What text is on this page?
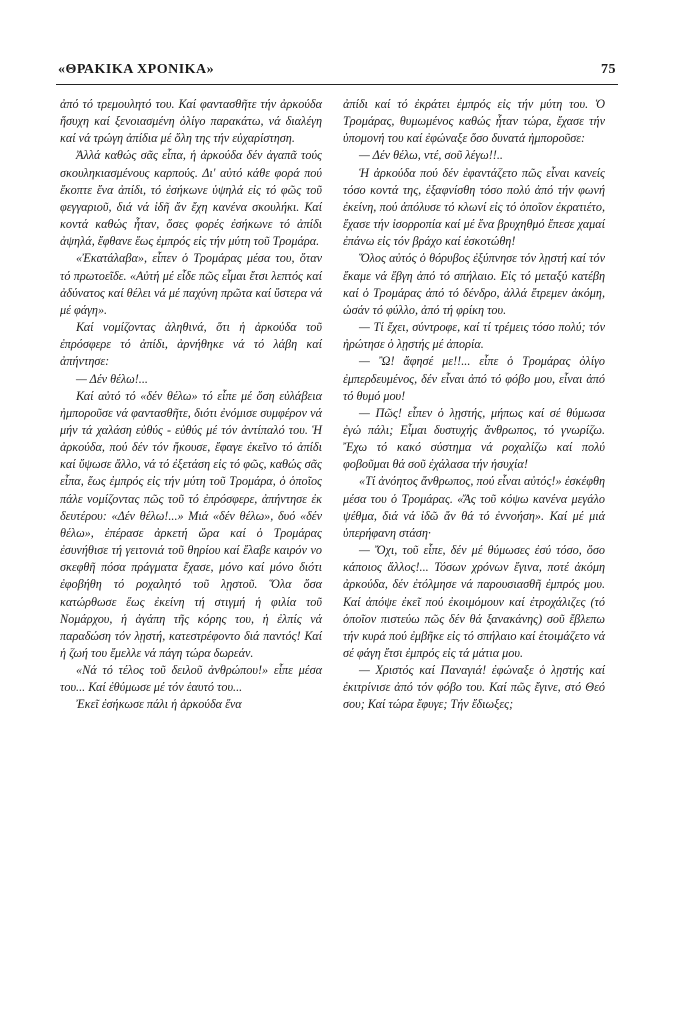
«ΘΡΑΚΙΚΑ ΧΡΟΝΙΚΑ»	75

ἀπό τό τρεμουλητό του. Καί φαντασθῆτε τήν ἀρκούδα ἥσυχη καί ξενοιασμένη ὀλίγο παρακάτω, νά διαλέγη καί νά τρώγη ἀπίδια μέ ὅλη της τήν εὐχαρίστηση.

Ἀλλά καθώς σᾶς εἶπα, ἡ ἀρκούδα δέν ἀγαπᾶ τούς σκουληκιασμένους καρπούς. Δι' αὐτό κάθε φορά πού ἔκοπτε ἕνα ἀπίδι, τό ἐσήκωνε ὑψηλά εἰς τό φῶς τοῦ φεγγαριοῦ, διά νά ἰδῆ ἄν ἔχη κανένα σκουλήκι. Καί κοντά καθώς ἦταν, ὅσες φορές ἐσήκωνε τό ἀπίδι ἀψηλά, ἔφθανε ἕως ἐμπρός εἰς τήν μύτη τοῦ Τρομάρα.

«Ἐκατάλαβα», εἶπεν ὁ Τρομάρας μέσα του, ὅταν τό πρωτοεῖδε. «Αὐτή μέ εἶδε πῶς εἶμαι ἔτσι λεπτός καί ἀδύνατος καί θέλει νά μέ παχύνη πρῶτα καί ὕστερα νά μέ φάγη».

Καί νομίζοντας ἀληθινά, ὅτι ἡ ἀρκούδα τοῦ ἐπρόσφερε τό ἀπίδι, ἀρνήθηκε νά τό λάβη καί ἀπήντησε:

— Δέν θέλω!...

Καί αὐτό τό «δέν θέλω» τό εἶπε μέ ὅση εὐλάβεια ἠμποροῦσε νά φαντασθῆτε, διότι ἐνόμισε συμφέρον νά μήν τά χαλάση εὐθύς - εὐθύς μέ τόν ἀντίπαλό του. Ἡ ἀρκούδα, πού δέν τόν ἤκουσε, ἔφαγε ἐκεῖνο τό ἀπίδι καί ὕψωσε ἄλλο, νά τό ἐξετάση εἰς τό φῶς, καθώς σᾶς εἶπα, ἕως ἐμπρός εἰς τήν μύτη τοῦ Τρομάρα, ὁ ὁποῖος πάλε νομίζοντας πῶς τοῦ τό ἐπρόσφερε, ἀπήντησε ἐκ δευτέρου: «Δέν θέλω!...» Μιά «δέν θέλω», δυό «δέν θέλω», ἐπέρασε ἀρκετή ὥρα καί ὁ Τρομάρας ἐσυνήθισε τή γειτονιά τοῦ θηρίου καί ἔλαβε καιρόν νο σκεφθῆ πόσα πράγματα ἔχασε, μόνο καί μόνο διότι ἐφοβήθη τό ροχαλητό τοῦ λῃστοῦ. Ὅλα ὅσα κατώρθωσε ἕως ἐκείνη τή στιγμή ἡ φιλία τοῦ Νομάρχου, ἡ ἀγάπη τῆς κόρης του, ἡ ἐλπίς νά παραδώση τόν λῃστή, κατεστρέφοντο διά παντός! Καί ἡ ζωή του ἔμελλε νά πάγη τώρα δωρεάν.

«Νά τό τέλος τοῦ δειλοῦ ἀνθρώπου!» εἶπε μέσα του... Καί ἐθύμωσε μέ τόν ἑαυτό του...

Ἐκεῖ ἐσήκωσε πάλι ἡ ἀρκούδα ἕνα

ἀπίδι καί τό ἐκράτει ἐμπρός εἰς τήν μύτη του. Ὁ Τρομάρας, θυμωμένος καθώς ἦταν τώρα, ἔχασε τήν ὑπομονή του καί ἐφώναξε ὅσο δυνατά ἠμποροῦσε:

— Δέν θέλω, ντέ, σοῦ λέγω!!..

Ἡ ἀρκούδα πού δέν ἐφαντάζετο πῶς εἶναι κανείς τόσο κοντά της, ἐξαφνίσθη τόσο πολύ ἀπό τήν φωνή ἐκείνη, πού ἀπόλυσε τό κλωνί εἰς τό ὁποῖον ἐκρατιέτο, ἔχασε τήν ἰσορροπία καί μέ ἕνα βρυχηθμό ἔπεσε χαμαί ἐπάνω εἰς τόν βράχο καί ἐσκοτώθη!

Ὅλος αὐτός ὁ θόρυβος ἐξύπνησε τόν λῃστή καί τόν ἔκαμε νά ἔβγη ἀπό τό σπήλαιο. Εἰς τό μεταξύ κατέβη καί ὁ Τρομάρας ἀπό τό δένδρο, ἀλλά ἔτρεμεν ἀκόμη, ὡσάν τό φύλλο, ἀπό τή φρίκη του.

— Τί ἔχει, σύντροφε, καί τί τρέμεις τόσο πολύ; τόν ἠρώτησε ὁ λῃστής μέ ἀπορία.

— Ὢ! ἄφησέ με!!... εἶπε ὁ Τρομάρας ὀλίγο ἐμπερδευμένος, δέν εἶναι ἀπό τό φόβο μου, εἶναι ἀπό τό θυμό μου!

— Πῶς! εἶπεν ὁ λῃστής, μήπως καί σέ θύμωσα ἐγώ πάλι; Εἶμαι δυστυχής ἄνθρωπος, τό γνωρίζω. Ἔχω τό κακό σύστημα νά ροχαλίζω καί πολύ φοβοῦμαι θά σοῦ ἐχάλασα τήν ἡσυχία!

«Τί ἀνόητος ἄνθρωπος, πού εἶναι αὐτός!» ἐσκέφθη μέσα του ὁ Τρομάρας. «Ἄς τοῦ κόψω κανένα μεγάλο ψέθμα, διά νά ἰδῶ ἄν θά τό ἐννοήση». Καί μέ μιά ὑπερήφανη στάση·

— Ὄχι, τοῦ εἶπε, δέν μέ θύμωσες ἐσύ τόσο, ὅσο κάποιος ἄλλος!... Τόσων χρόνων ἔγινα, ποτέ ἀκόμη ἀρκούδα, δέν ἐτόλμησε νά παρουσιασθῆ ἐμπρός μου. Καί ἀπόψε ἐκεῖ πού ἐκοιμόμουν καί ἐτροχάλιζες (τό ὁποῖον πιστεύω πῶς δέν θά ξανακάνης) σοῦ ἔβλεπω τήν κυρά πού ἐμβῆκε εἰς τό σπήλαιο καί ἑτοιμάζετο νά σέ φάγη ἔτσι ἐμπρός εἰς τά μάτια μου.

— Χριστός καί Παναγιά! ἐφώναξε ὁ λῃστής καί ἐκιτρίνισε ἀπό τόν φόβο του. Καί πῶς ἔγινε, στό Θεό σου; Καί τώρα ἔφυγε; Τήν ἔδιωξες;
